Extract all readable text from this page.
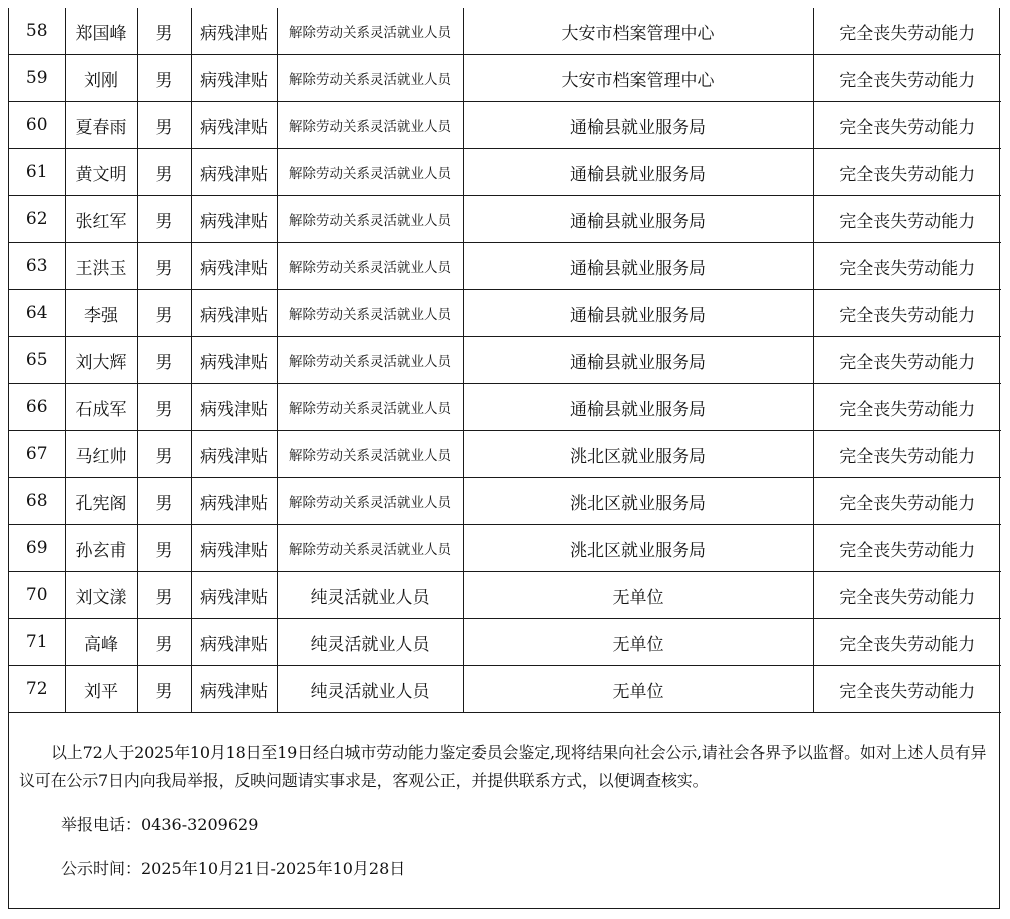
58	郑国峰	男	病残津贴	解除劳动关系灵活就业人员	大安市档案管理中心	完全丧失劳动能力
59	刘刚	男	病残津贴	解除劳动关系灵活就业人员	大安市档案管理中心	完全丧失劳动能力
60	夏春雨	男	病残津贴	解除劳动关系灵活就业人员	通榆县就业服务局	完全丧失劳动能力
61	黄文明	男	病残津贴	解除劳动关系灵活就业人员	通榆县就业服务局	完全丧失劳动能力
62	张红军	男	病残津贴	解除劳动关系灵活就业人员	通榆县就业服务局	完全丧失劳动能力
63	王洪玉	男	病残津贴	解除劳动关系灵活就业人员	通榆县就业服务局	完全丧失劳动能力
64	李强	男	病残津贴	解除劳动关系灵活就业人员	通榆县就业服务局	完全丧失劳动能力
65	刘大辉	男	病残津贴	解除劳动关系灵活就业人员	通榆县就业服务局	完全丧失劳动能力
66	石成军	男	病残津贴	解除劳动关系灵活就业人员	通榆县就业服务局	完全丧失劳动能力
67	马红帅	男	病残津贴	解除劳动关系灵活就业人员	洮北区就业服务局	完全丧失劳动能力
68	孔宪阁	男	病残津贴	解除劳动关系灵活就业人员	洮北区就业服务局	完全丧失劳动能力
69	孙玄甫	男	病残津贴	解除劳动关系灵活就业人员	洮北区就业服务局	完全丧失劳动能力
70	刘文漾	男	病残津贴	纯灵活就业人员	无单位	完全丧失劳动能力
71	高峰	男	病残津贴	纯灵活就业人员	无单位	完全丧失劳动能力
72	刘平	男	病残津贴	纯灵活就业人员	无单位	完全丧失劳动能力

以上72人于2025年10月18日至19日经白城市劳动能力鉴定委员会鉴定,现将结果向社会公示,请社会各界予以监督。如对上述人员有异议可在公示7日内向我局举报，反映问题请实事求是，客观公正，并提供联系方式，以便调查核实。

举报电话：0436-3209629

公示时间：2025年10月21日-2025年10月28日
